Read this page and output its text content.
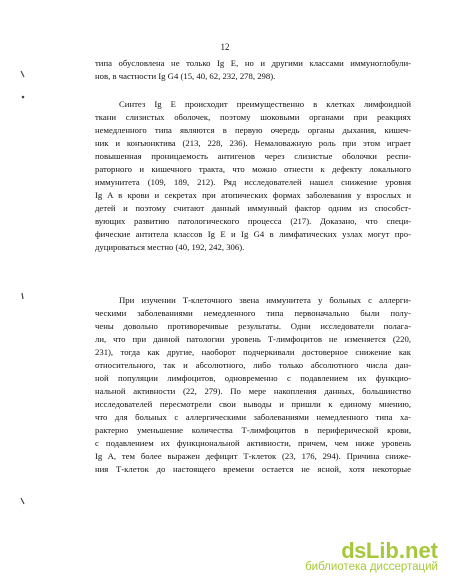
12
типа обусловлена не только Ig E, но и другими классами иммуноглобули-
нов, в частности Ig G4 (15, 40, 62, 232, 278, 298).
Синтез Ig E происходит преимущественно в клетках лимфоидной
ткани слизистых оболочек, поэтому шоковыми органами при реакциях
немедленного типа являются в первую очередь органы дыхания, кишеч-
ник и конъюнктива (213, 228, 236). Немаловажную роль при этом играет
повышенная проницаемость антигенов через слизистые оболочки респи-
раторного и кишечного тракта, что можно отнести к дефекту локального
иммунитета (109, 189, 212). Ряд исследователей нашел снижение уровня
Ig A в крови и секретах при атопических формах заболевания у взрослых и
детей и поэтому считают данный иммунный фактор одним из способст-
вующих развитию патологического процесса (217). Доказано, что специ-
фические антитела классов Ig E и Ig G4 в лимфатических узлах могут про-
дуцироваться местно (40, 192, 242, 306).
При изучении Т-клеточного звена иммунитета у больных с аллерги-
ческими заболеваниями немедленного типа первоначально были полу-
чены довольно противоречивые результаты. Одни исследователи полага-
ли, что при данной патологии уровень Т-лимфоцитов не изменяется (220,
231), тогда как другие, наоборот подчеркивали достоверное снижение как
относительного, так и абсолютного, либо только абсолютного числа дан-
ной популяции лимфоцитов, одновременно с подавлением их функцио-
нальной активности (22, 279). По мере накопления данных, большинство
исследователей пересмотрели свои выводы и пришли к единому мнению,
что для больных с аллергическими заболеваниями немедленного типа ха-
рактерно уменьшение количества Т-лимфоцитов в периферической крови,
с подавлением их функциональной активности, причем, чем ниже уровень
Ig A, тем более выражен дефицит Т-клеток (23, 176, 294). Причина сниже-
ния Т-клеток до настоящего времени остается не ясной, хотя некоторые
ds Lib . net
библиотека диссертаций
